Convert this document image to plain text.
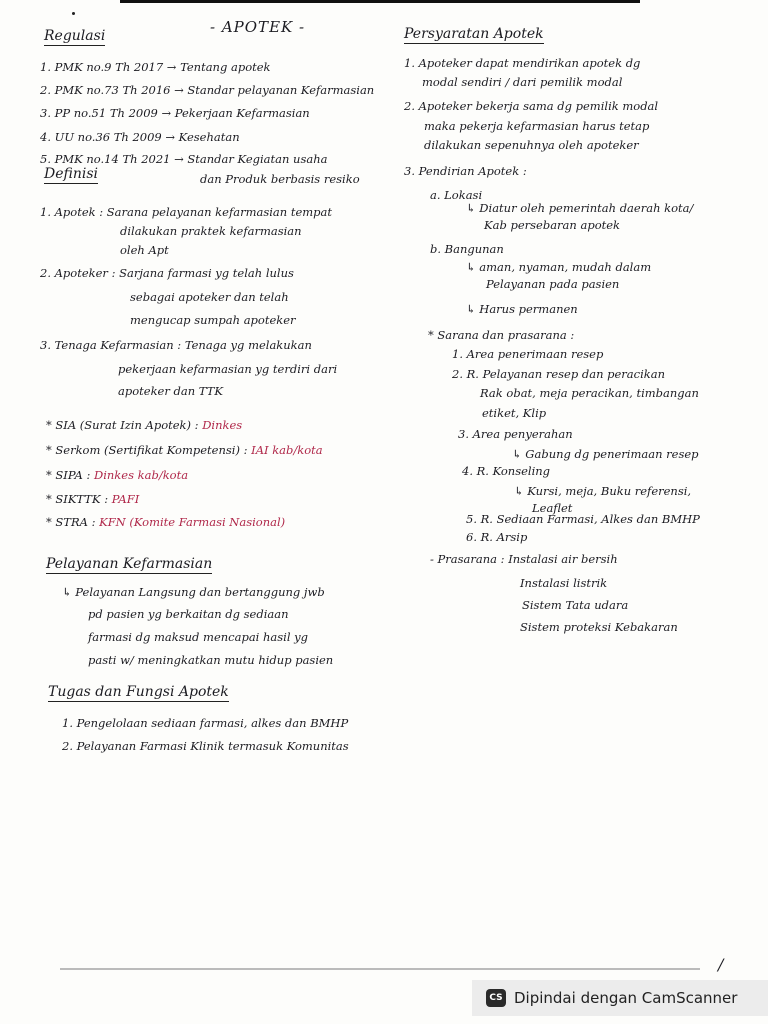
- APOTEK -
Regulasi
1. PMK no.9 Th 2017 → Tentang apotek
2. PMK no.73 Th 2016 → Standar pelayanan Kefarmasian
3. PP no.51 Th 2009 → Pekerjaan Kefarmasian
4. UU no.36 Th 2009 → Kesehatan
5. PMK no.14 Th 2021 → Standar Kegiatan usaha
dan Produk berbasis resiko
Definisi
1. Apotek : Sarana pelayanan kefarmasian tempat
dilakukan praktek kefarmasian
oleh Apt
2. Apoteker : Sarjana farmasi yg telah lulus
sebagai apoteker dan telah
mengucap sumpah apoteker
3. Tenaga Kefarmasian : Tenaga yg melakukan
pekerjaan kefarmasian yg terdiri dari
apoteker dan TTK
* SIA (Surat Izin Apotek) : Dinkes
* Serkom (Sertifikat Kompetensi) : IAI kab/kota
* SIPA : Dinkes kab/kota
* SIKTTK : PAFI
* STRA : KFN (Komite Farmasi Nasional)
Pelayanan Kefarmasian
↳ Pelayanan Langsung dan bertanggung jwb
pd pasien yg berkaitan dg sediaan
farmasi dg maksud mencapai hasil yg
pasti w/ meningkatkan mutu hidup pasien
Tugas dan Fungsi Apotek
1. Pengelolaan sediaan farmasi, alkes dan BMHP
2. Pelayanan Farmasi Klinik termasuk Komunitas
Persyaratan Apotek
1. Apoteker dapat mendirikan apotek dg
modal sendiri / dari pemilik modal
2. Apoteker bekerja sama dg pemilik modal
maka pekerja kefarmasian harus tetap
dilakukan sepenuhnya oleh apoteker
3. Pendirian Apotek :
a. Lokasi
↳ Diatur oleh pemerintah daerah kota/
Kab persebaran apotek
b. Bangunan
↳ aman, nyaman, mudah dalam
Pelayanan pada pasien
↳ Harus permanen
* Sarana dan prasarana :
1. Area penerimaan resep
2. R. Pelayanan resep dan peracikan
Rak obat, meja peracikan, timbangan
etiket, Klip
3. Area penyerahan
↳ Gabung dg penerimaan resep
4. R. Konseling
↳ Kursi, meja, Buku referensi,
Leaflet
5. R. Sediaan Farmasi, Alkes dan BMHP
6. R. Arsip
- Prasarana : Instalasi air bersih
Instalasi listrik
Sistem Tata udara
Sistem proteksi Kebakaran
/
CS Dipindai dengan CamScanner
